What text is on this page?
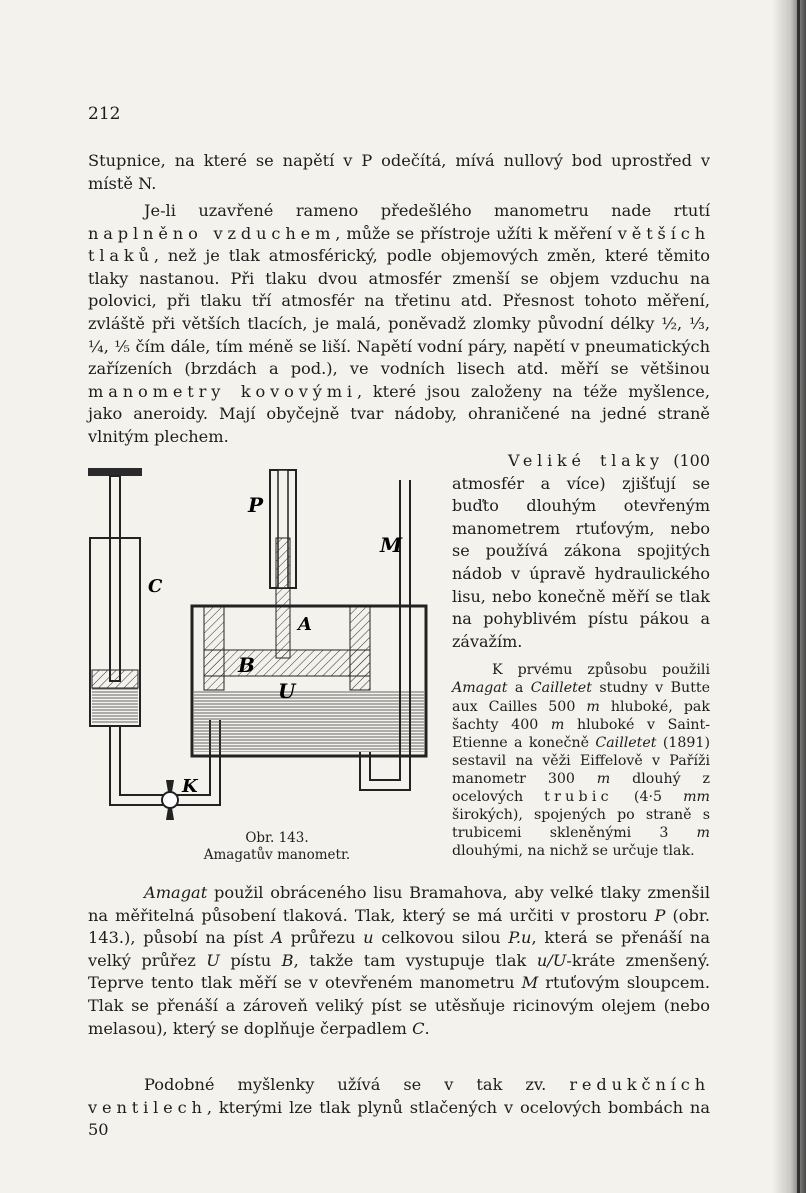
212

Stupnice, na které se napětí v P odečítá, mívá nullový bod uprostřed v místě N.

Je-li uzavřené rameno předešlého manometru nade rtutí naplněno vzduchem, může se přístroje užíti k měření větších tlaků, než je tlak atmosférický, podle objemových změn, které těmito tlaky nastanou. Při tlaku dvou atmosfér zmenší se objem vzduchu na polovici, při tlaku tří atmosfér na třetinu atd. Přesnost tohoto měření, zvláště při větších tlacích, je malá, poněvadž zlomky původní délky ½, ⅓, ¼, ⅕ čím dále, tím méně se liší. Napětí vodní páry, napětí v pneumatických zařízeních (brzdách a pod.), ve vodních lisech atd. měří se většinou manometry kovovými, které jsou založeny na téže myšlence, jako aneroidy. Mají obyčejně tvar nádoby, ohraničené na jedné straně vlnitým plechem.

P
M
C
A
B
U
K
Obr. 143.
Amagatův manometr.

Veliké tlaky (100 atmosfér a více) zjišťují se buďto dlouhým otevřeným manometrem rtuťovým, nebo se používá zákona spojitých nádob v úpravě hydraulického lisu, nebo konečně měří se tlak na pohyblivém pístu pákou a závažím.

K prvému způsobu použili Amagat a Cailletet studny v Butte aux Cailles 500 m hluboké, pak šachty 400 m hluboké v Saint-Etienne a konečně Cailletet (1891) sestavil na věži Eiffelově v Paříži manometr 300 m dlouhý z ocelových trubic (4·5 mm širokých), spojených po straně s trubicemi skleněnými 3 m dlouhými, na nichž se určuje tlak.

Amagat použil obráceného lisu Bramahova, aby velké tlaky zmenšil na měřitelná působení tlaková. Tlak, který se má určiti v prostoru P (obr. 143.), působí na píst A průřezu u celkovou silou P.u, která se přenáší na velký průřez U pístu B, takže tam vystupuje tlak u/U-kráte zmenšený. Teprve tento tlak měří se v otevřeném manometru M rtuťovým sloupcem. Tlak se přenáší a zároveň veliký píst se utěsňuje ricinovým olejem (nebo melasou), který se doplňuje čerpadlem C.

Podobné myšlenky užívá se v tak zv. redukčních ventilech, kterými lze tlak plynů stlačených v ocelových bombách na 50
